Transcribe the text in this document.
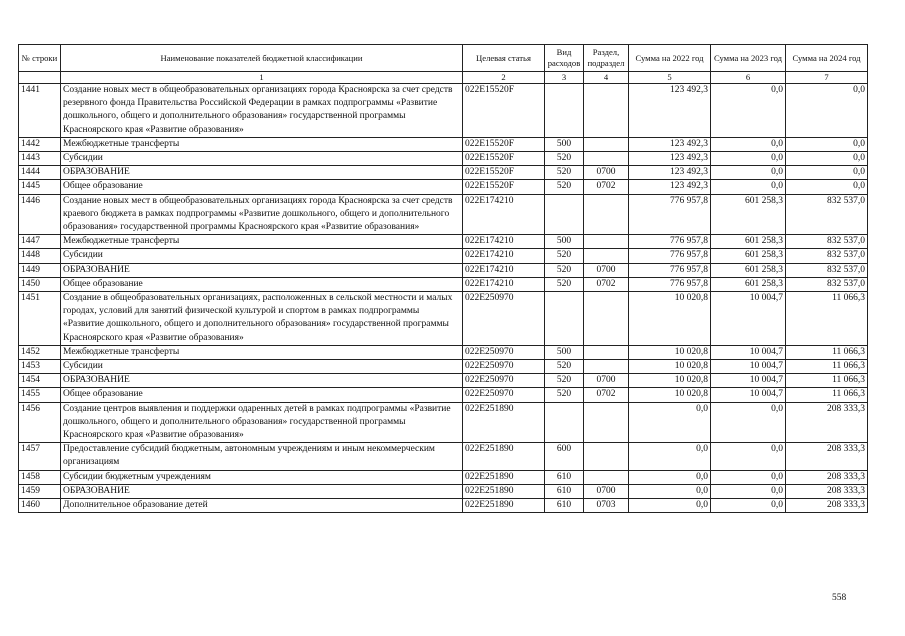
№ строки	Наименование показателей бюджетной классификации	Целевая статья	Вид расходов	Раздел, подраздел	Сумма на 2022 год	Сумма на 2023 год	Сумма на 2024 год
	1	2	3	4	5	6	7
1441	Создание новых мест в общеобразовательных организациях города Красноярска за счет средств резервного фонда Правительства Российской Федерации в рамках подпрограммы «Развитие дошкольного, общего и дополнительного образования» государственной программы Красноярского края «Развитие образования»	022E15520F			123 492,3	0,0	0,0
1442	Межбюджетные трансферты	022E15520F	500		123 492,3	0,0	0,0
1443	Субсидии	022E15520F	520		123 492,3	0,0	0,0
1444	ОБРАЗОВАНИЕ	022E15520F	520	0700	123 492,3	0,0	0,0
1445	Общее образование	022E15520F	520	0702	123 492,3	0,0	0,0
1446	Создание новых мест в общеобразовательных организациях города Красноярска за счет средств краевого бюджета в рамках подпрограммы «Развитие дошкольного, общего и дополнительного образования» государственной программы Красноярского края «Развитие образования»	022E174210			776 957,8	601 258,3	832 537,0
1447	Межбюджетные трансферты	022E174210	500		776 957,8	601 258,3	832 537,0
1448	Субсидии	022E174210	520		776 957,8	601 258,3	832 537,0
1449	ОБРАЗОВАНИЕ	022E174210	520	0700	776 957,8	601 258,3	832 537,0
1450	Общее образование	022E174210	520	0702	776 957,8	601 258,3	832 537,0
1451	Создание в общеобразовательных организациях, расположенных в сельской местности и малых городах, условий для занятий физической культурой и спортом в рамках подпрограммы «Развитие дошкольного, общего и дополнительного образования» государственной программы Красноярского края «Развитие образования»	022E250970			10 020,8	10 004,7	11 066,3
1452	Межбюджетные трансферты	022E250970	500		10 020,8	10 004,7	11 066,3
1453	Субсидии	022E250970	520		10 020,8	10 004,7	11 066,3
1454	ОБРАЗОВАНИЕ	022E250970	520	0700	10 020,8	10 004,7	11 066,3
1455	Общее образование	022E250970	520	0702	10 020,8	10 004,7	11 066,3
1456	Создание центров выявления и поддержки одаренных детей в рамках подпрограммы «Развитие дошкольного, общего и дополнительного образования» государственной программы Красноярского края «Развитие образования»	022E251890			0,0	0,0	208 333,3
1457	Предоставление субсидий бюджетным, автономным учреждениям и иным некоммерческим организациям	022E251890	600		0,0	0,0	208 333,3
1458	Субсидии бюджетным учреждениям	022E251890	610		0,0	0,0	208 333,3
1459	ОБРАЗОВАНИЕ	022E251890	610	0700	0,0	0,0	208 333,3
1460	Дополнительное образование детей	022E251890	610	0703	0,0	0,0	208 333,3
558
